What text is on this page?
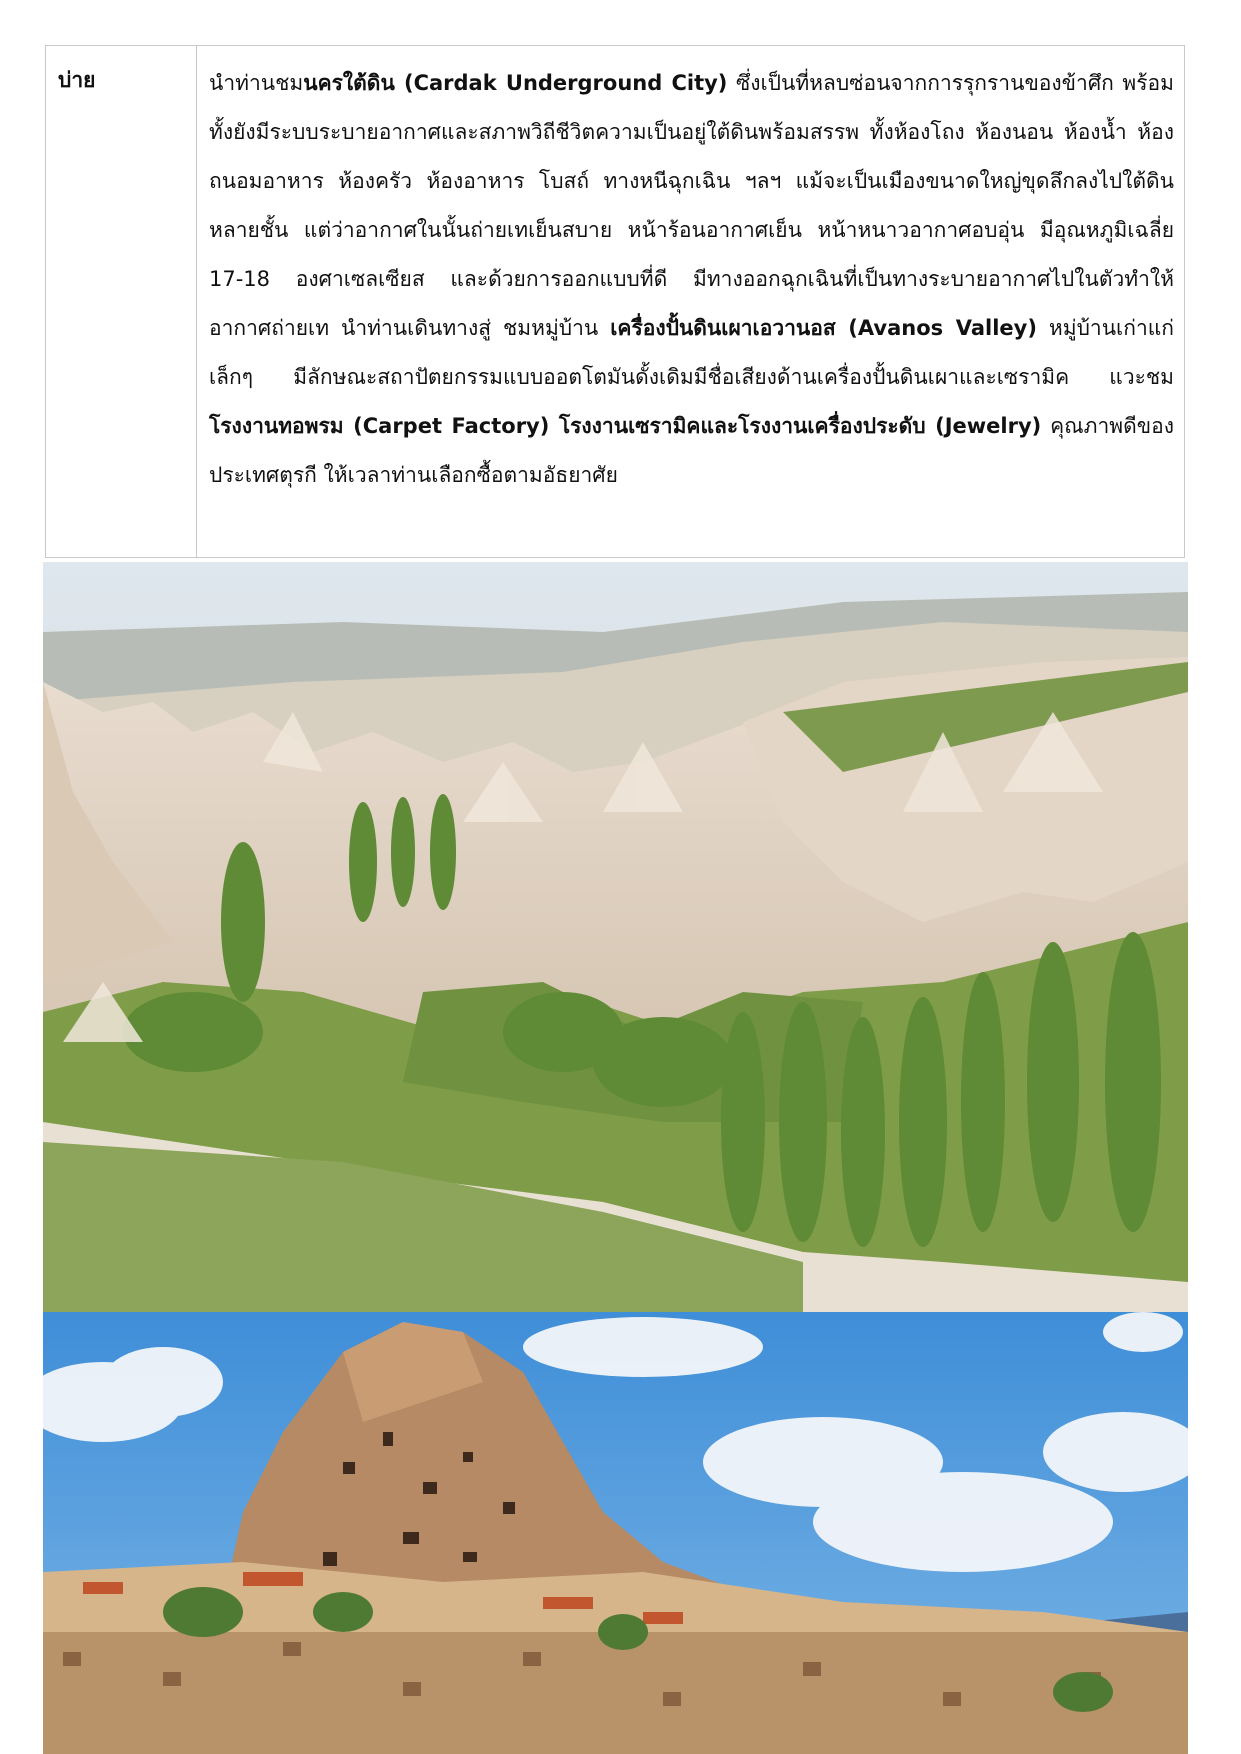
บ่าย	นำท่านชมนครใต้ดิน (Cardak Underground City) ซึ่งเป็นที่หลบซ่อนจากการรุกรานของข้าศึก พร้อมทั้งยังมีระบบระบายอากาศและสภาพวิถีชีวิตความเป็นอยู่ใต้ดินพร้อมสรรพ ทั้งห้องโถง ห้องนอน ห้องน้ำ ห้องถนอมอาหาร ห้องครัว ห้องอาหาร โบสถ์ ทางหนีฉุกเฉิน ฯลฯ แม้จะเป็นเมืองขนาดใหญ่ขุดลึกลงไปใต้ดินหลายชั้น แต่ว่าอากาศในนั้นถ่ายเทเย็นสบาย หน้าร้อนอากาศเย็น หน้าหนาวอากาศอบอุ่น มีอุณหภูมิเฉลี่ย 17-18 องศาเซลเซียส และด้วยการออกแบบที่ดี มีทางออกฉุกเฉินที่เป็นทางระบายอากาศไปในตัวทำให้อากาศถ่ายเท นำท่านเดินทางสู่ ชมหมู่บ้าน เครื่องปั้นดินเผาเอวานอส (Avanos Valley) หมู่บ้านเก่าแก่เล็กๆ มีลักษณะสถาปัตยกรรมแบบออตโตมันดั้งเดิมมีชื่อเสียงด้านเครื่องปั้นดินเผาและเซรามิค แวะชมโรงงานทอพรม (Carpet Factory) โรงงานเซรามิคและโรงงานเครื่องประดับ (Jewelry) คุณภาพดีของประเทศตุรกี ให้เวลาท่านเลือกซื้อตามอัธยาศัย
